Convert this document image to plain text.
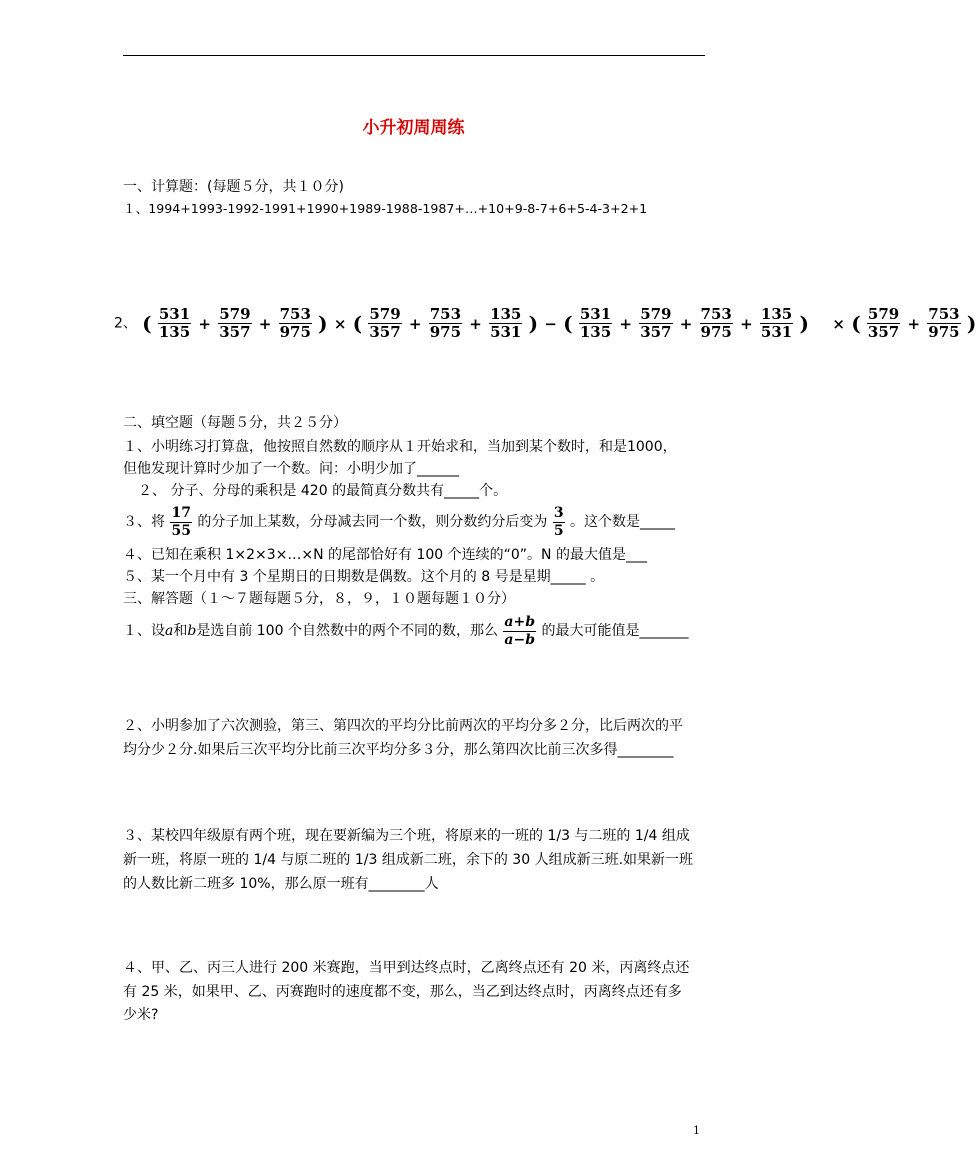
小升初周周练
一、计算题：(每题５分，共１０分)
１、1994+1993-1992-1991+1990+1989-1988-1987+…+10+9-8-7+6+5-4-3+2+1
2、 ( $\frac{531}{135} + \frac{579}{357} + \frac{753}{975}$ ) × ( $\frac{579}{357} + \frac{753}{975} + \frac{135}{531}$ ) − ( $\frac{531}{135} + \frac{579}{357} + \frac{753}{975} + \frac{135}{531}$ ) × ( $\frac{579}{357} + \frac{753}{975}$ )
二、填空题（每题５分，共２５分）
１、小明练习打算盘，他按照自然数的顺序从１开始求和，当加到某个数时，和是1000，
但他发现计算时少加了一个数。问：小明少加了______
２、 分子、分母的乘积是 420 的最简真分数共有_____个。
３、将 $\frac{17}{55}$ 的分子加上某数，分母减去同一个数，则分数约分后变为 $\frac{3}{5}$ 。这个数是_____
４、已知在乘积 1×2×3×…×N 的尾部恰好有 100 个连续的“0”。N 的最大值是___
５、某一个月中有 3 个星期日的日期数是偶数。这个月的 8 号是星期_____ 。
三、解答题（１～７题每题５分，８，９，１０题每题１０分）
１、设a和b是选自前 100 个自然数中的两个不同的数，那么 $\frac{a+b}{a-b}$ 的最大可能值是_______
２、小明参加了六次测验，第三、第四次的平均分比前两次的平均分多２分，比后两次的平
均分少２分.如果后三次平均分比前三次平均分多３分，那么第四次比前三次多得________
３、某校四年级原有两个班，现在要新编为三个班，将原来的一班的 1/3 与二班的 1/4 组成
新一班，将原一班的 1/4 与原二班的 1/3 组成新二班，余下的 30 人组成新三班.如果新一班
的人数比新二班多 10%，那么原一班有________人
４、甲、乙、丙三人进行 200 米赛跑，当甲到达终点时，乙离终点还有 20 米，丙离终点还
有 25 米，如果甲、乙、丙赛跑时的速度都不变，那么，当乙到达终点时，丙离终点还有多
少米?
1
